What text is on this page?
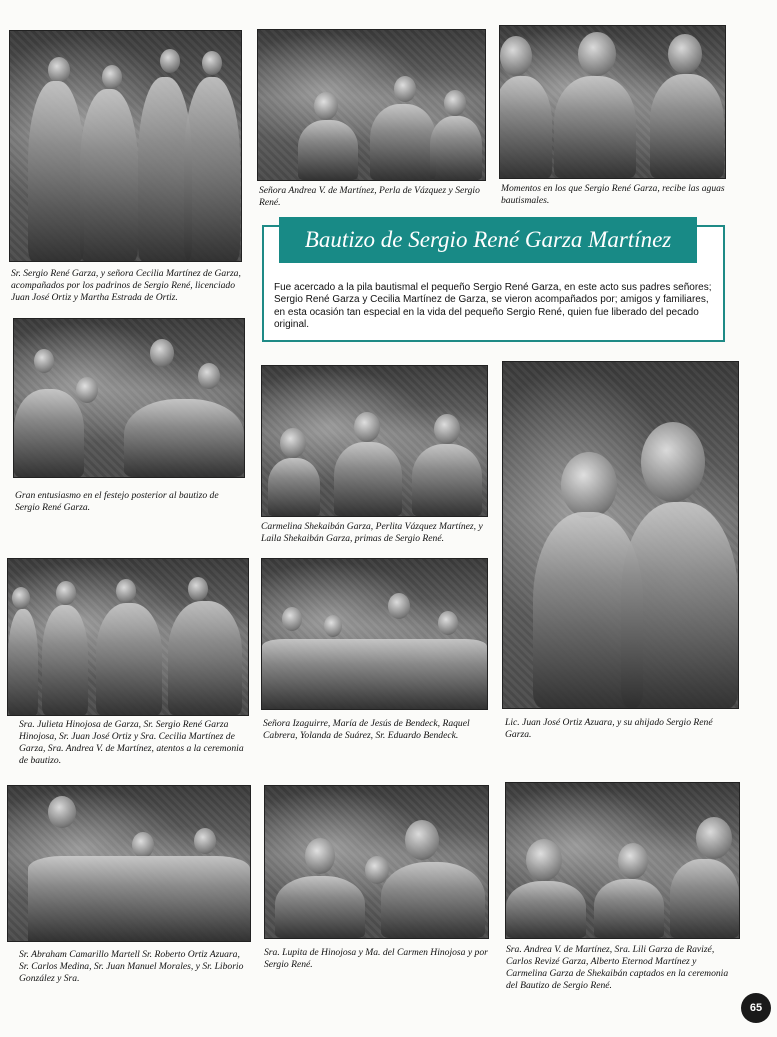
Sr. Sergio René Garza, y señora Cecilia Martínez de Garza, acompañados por los padrinos de Sergio René, licenciado Juan José Ortiz y Martha Estrada de Ortiz.
Señora Andrea V. de Martínez, Perla de Vázquez y Sergio René.
Momentos en los que Sergio René Garza, recibe las aguas bautismales.
Bautizo de Sergio René Garza Martínez
Fue acercado a la pila bautismal el pequeño Sergio René Garza, en este acto sus padres señores; Sergio René Garza y Cecilia Martínez de Garza, se vieron acompañados por; amigos y familiares, en esta ocasión tan especial en la vida del pequeño Sergio René, quien fue liberado del pecado original.
Gran entusiasmo en el festejo posterior al bautizo de Sergio René Garza.
Carmelina Shekaibán Garza, Perlita Vázquez Martínez, y Laila Shekaibán Garza, primas de Sergio René.
Lic. Juan José Ortiz Azuara, y su ahijado Sergio René Garza.
Sra. Julieta Hinojosa de Garza, Sr. Sergio René Garza Hinojosa, Sr. Juan José Ortiz y Sra. Cecilia Martínez de Garza, Sra. Andrea V. de Martínez, atentos a la ceremonia de bautizo.
Señora Izaguirre, María de Jesús de Bendeck, Raquel Cabrera, Yolanda de Suárez, Sr. Eduardo Bendeck.
Sr. Abraham Camarillo Martell Sr. Roberto Ortiz Azuara, Sr. Carlos Medina, Sr. Juan Manuel Morales, y Sr. Liborio González y Sra.
Sra. Lupita de Hinojosa y Ma. del Carmen Hinojosa y por Sergio René.
Sra. Andrea V. de Martínez, Sra. Lili Garza de Ravizé, Carlos Revizé Garza, Alberto Eternod Martínez y Carmelina Garza de Shekaibán captados en la ceremonia del Bautizo de Sergio René.
65
